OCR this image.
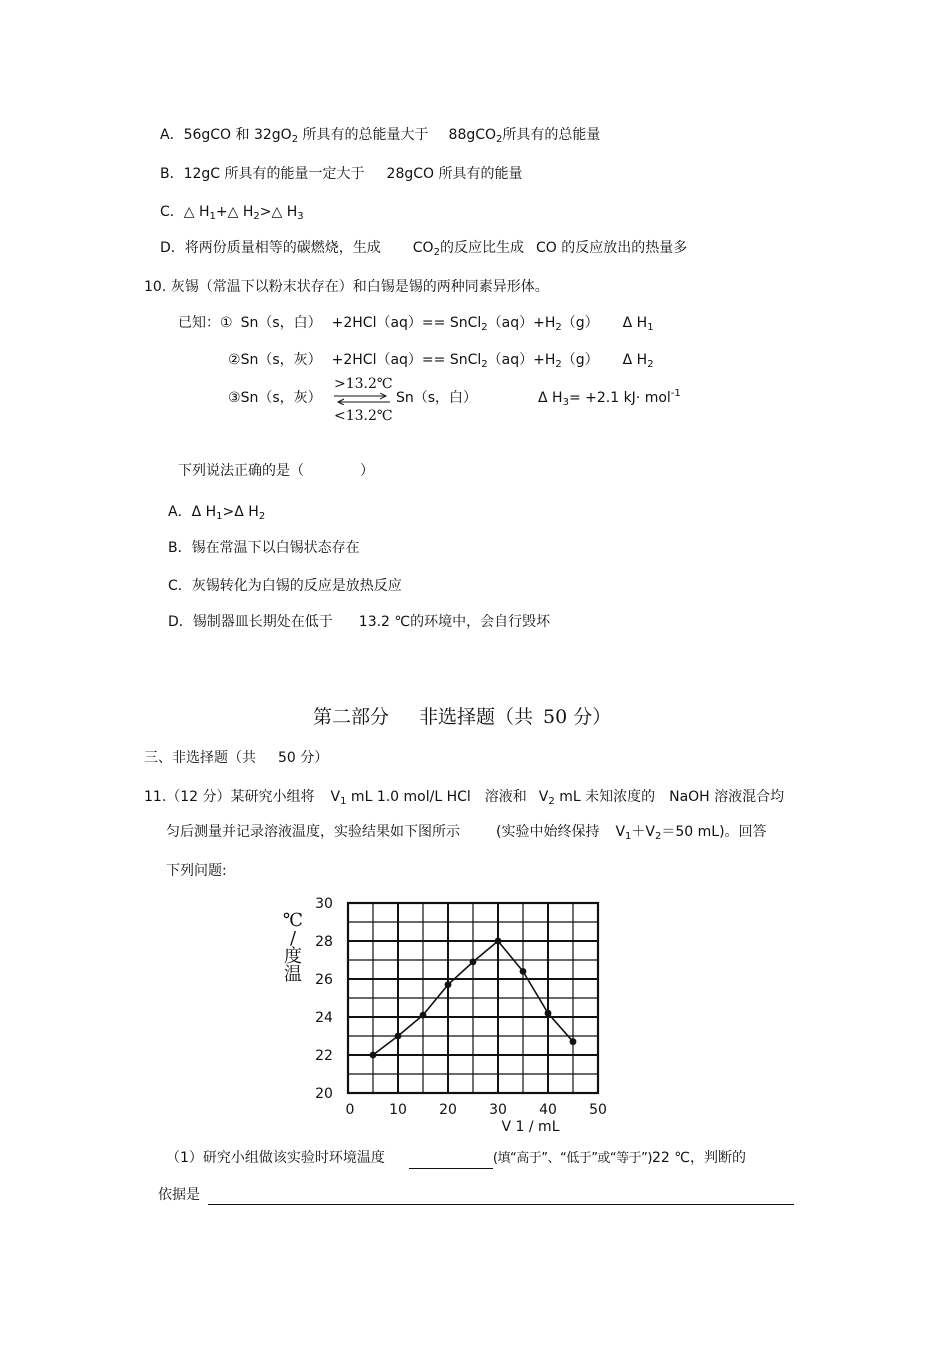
A．56gCO 和 $32gO_2$ 所具有的总能量大于 88gCO$_2$所具有的总能量
B．12gC 所具有的能量一定大于 28gCO 所具有的能量
C．△ $H_1+\triangle$ $H_2>\triangle$ $H_3$
D．将两份质量相等的碳燃烧，生成 $CO_2$的反应比生成 CO 的反应放出的热量多
10. 灰锡（常温下以粉末状存在）和白锡是锡的两种同素异形体。
已知：① Sn（s，白） $+2HCl(aq)== SnCl_2(aq)+H_2(g)$ Δ $H_1$
②Sn（s，灰） $+2HCl(aq)== SnCl_2(aq)+H_2(g)$ Δ $H_2$
③Sn（s，灰）
>13.2℃
<13.2℃
Sn（s，白）	Δ $H_3= +2.1$ kJ· mol$^{-1}$
下列说法正确的是（　　　　）
A．Δ $H_1>\Delta$ $H_2$
B．锡在常温下以白锡状态存在
C．灰锡转化为白锡的反应是放热反应
D．锡制器皿长期处在低于 13.2 ℃的环境中，会自行毁坏
第二部分 非选择题（共 50 分）
三、非选择题（共 50 分）
11.（12 分）某研究小组将 $V_1$ mL 1.0 mol/L HCl 溶液和 $V_2$ mL 未知浓度的 NaOH 溶液混合均
匀后测量并记录溶液温度，实验结果如下图所示	(实验中始终保持 $V_1+V_2=50$ mL)。回答
下列问题:
℃
/
度
温
20
22
24
26
28
30
0 10 20 30 40 50
V 1 / mL
（1）研究小组做该实验时环境温度	(填“高于”、“低于”或“等于”)22 ℃，判断的
依据是
